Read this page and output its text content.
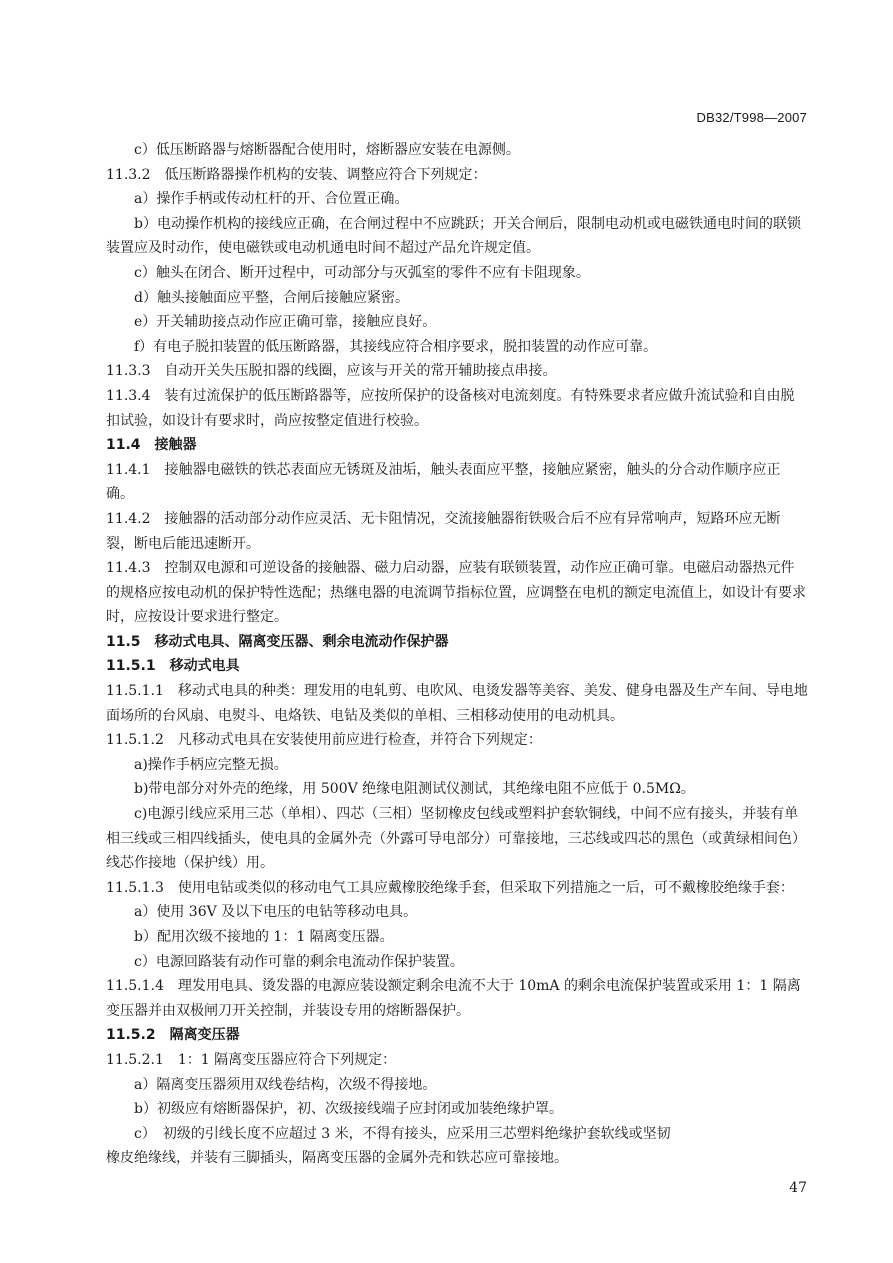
DB32/T998—2007

c）低压断路器与熔断器配合使用时，熔断器应安装在电源侧。

11.3.2　低压断路器操作机构的安装、调整应符合下列规定：

a）操作手柄或传动杠杆的开、合位置正确。

b）电动操作机构的接线应正确，在合闸过程中不应跳跃；开关合闸后，限制电动机或电磁铁通电时间的联锁装置应及时动作，使电磁铁或电动机通电时间不超过产品允许规定值。

c）触头在闭合、断开过程中，可动部分与灭弧室的零件不应有卡阻现象。

d）触头接触面应平整，合闸后接触应紧密。

e）开关辅助接点动作应正确可靠，接触应良好。

f）有电子脱扣装置的低压断路器，其接线应符合相序要求，脱扣装置的动作应可靠。

11.3.3　自动开关失压脱扣器的线圈，应该与开关的常开辅助接点串接。

11.3.4　装有过流保护的低压断路器等，应按所保护的设备核对电流刻度。有特殊要求者应做升流试验和自由脱扣试验，如设计有要求时，尚应按整定值进行校验。

11.4　接触器

11.4.1　接触器电磁铁的铁芯表面应无锈斑及油垢，触头表面应平整，接触应紧密，触头的分合动作顺序应正确。

11.4.2　接触器的活动部分动作应灵活、无卡阻情况，交流接触器衔铁吸合后不应有异常响声，短路环应无断裂，断电后能迅速断开。

11.4.3　控制双电源和可逆设备的接触器、磁力启动器，应装有联锁装置，动作应正确可靠。电磁启动器热元件的规格应按电动机的保护特性选配；热继电器的电流调节指标位置，应调整在电机的额定电流值上，如设计有要求时，应按设计要求进行整定。

11.5　移动式电具、隔离变压器、剩余电流动作保护器

11.5.1　移动式电具

11.5.1.1　移动式电具的种类：理发用的电轧剪、电吹风、电烫发器等美容、美发、健身电器及生产车间、导电地面场所的台风扇、电熨斗、电烙铁、电钻及类似的单相、三相移动使用的电动机具。

11.5.1.2　凡移动式电具在安装使用前应进行检查，并符合下列规定：

a)操作手柄应完整无损。

b)带电部分对外壳的绝缘，用 500V 绝缘电阻测试仪测试，其绝缘电阻不应低于 0.5MΩ。

c)电源引线应采用三芯（单相）、四芯（三相）坚韧橡皮包线或塑料护套软铜线，中间不应有接头，并装有单相三线或三相四线插头，使电具的金属外壳（外露可导电部分）可靠接地，三芯线或四芯的黑色（或黄绿相间色）线芯作接地（保护线）用。

11.5.1.3　使用电钻或类似的移动电气工具应戴橡胶绝缘手套，但采取下列措施之一后，可不戴橡胶绝缘手套：

a）使用 36V 及以下电压的电钻等移动电具。

b）配用次级不接地的 1：1 隔离变压器。

c）电源回路装有动作可靠的剩余电流动作保护装置。

11.5.1.4　理发用电具、烫发器的电源应装设额定剩余电流不大于 10mA 的剩余电流保护装置或采用 1：1 隔离变压器并由双极闸刀开关控制，并装设专用的熔断器保护。

11.5.2　隔离变压器

11.5.2.1　1：1 隔离变压器应符合下列规定：

a）隔离变压器须用双线卷结构，次级不得接地。

b）初级应有熔断器保护，初、次级接线端子应封闭或加装绝缘护罩。

c）　初级的引线长度不应超过 3 米，不得有接头，应采用三芯塑料绝缘护套软线或坚韧

橡皮绝缘线，并装有三脚插头，隔离变压器的金属外壳和铁芯应可靠接地。

47
